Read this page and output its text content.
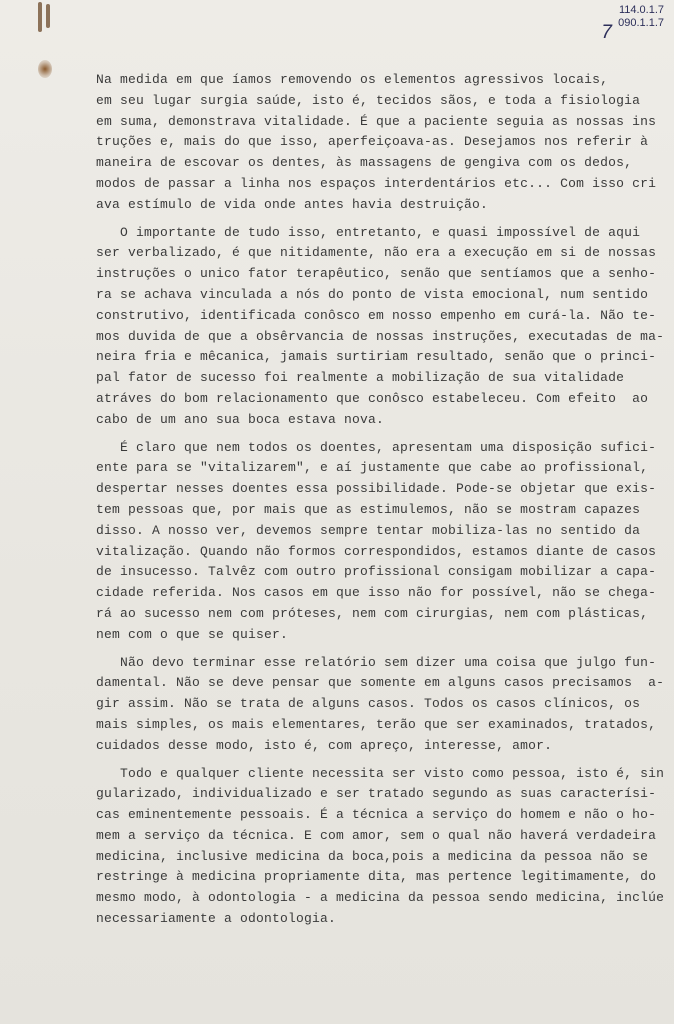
114.0.1.7
090.1.1.7
7
Na medida em que íamos removendo os elementos agressivos locais,
em seu lugar surgia saúde, isto é, tecidos sãos, e toda a fisiologia
em suma, demonstrava vitalidade. É que a paciente seguia as nossas ins
truções e, mais do que isso, aperfeiçoava-as. Desejamos nos referir à
maneira de escovar os dentes, às massagens de gengiva com os dedos,
modos de passar a linha nos espaços interdentários etc... Com isso cri
ava estímulo de vida onde antes havia destruição.
O importante de tudo isso, entretanto, e quasi impossível de aqui
ser verbalizado, é que nitidamente, não era a execução em si de nossas
instruções o unico fator terapêutico, senão que sentíamos que a senho-
ra se achava vinculada a nós do ponto de vista emocional, num sentido
construtivo, identificada conôsco em nosso empenho em curá-la. Não te-
mos duvida de que a obsêrvancia de nossas instruções, executadas de ma-
neira fria e mêcanica, jamais surtiriam resultado, senão que o princi-
pal fator de sucesso foi realmente a mobilização de sua vitalidade
atráves do bom relacionamento que conôsco estabeleceu. Com efeito  ao
cabo de um ano sua boca estava nova.
É claro que nem todos os doentes, apresentam uma disposição sufici-
ente para se "vitalizarem", e aí justamente que cabe ao profissional,
despertar nesses doentes essa possibilidade. Pode-se objetar que exis-
tem pessoas que, por mais que as estimulemos, não se mostram capazes
disso. A nosso ver, devemos sempre tentar mobiliza-las no sentido da
vitalização. Quando não formos correspondidos, estamos diante de casos
de insucesso. Talvêz com outro profissional consigam mobilizar a capa-
cidade referida. Nos casos em que isso não for possível, não se chega-
rá ao sucesso nem com próteses, nem com cirurgias, nem com plásticas,
nem com o que se quiser.
Não devo terminar esse relatório sem dizer uma coisa que julgo fun-
damental. Não se deve pensar que somente em alguns casos precisamos  a-
gir assim. Não se trata de alguns casos. Todos os casos clínicos, os
mais simples, os mais elementares, terão que ser examinados, tratados,
cuidados desse modo, isto é, com apreço, interesse, amor.
Todo e qualquer cliente necessita ser visto como pessoa, isto é, sin
gularizado, individualizado e ser tratado segundo as suas caracterísi-
cas eminentemente pessoais. É a técnica a serviço do homem e não o ho-
mem a serviço da técnica. E com amor, sem o qual não haverá verdadeira
medicina, inclusive medicina da boca,pois a medicina da pessoa não se
restringe à medicina propriamente dita, mas pertence legitimamente, do
mesmo modo, à odontologia - a medicina da pessoa sendo medicina, inclúe
necessariamente a odontologia.
